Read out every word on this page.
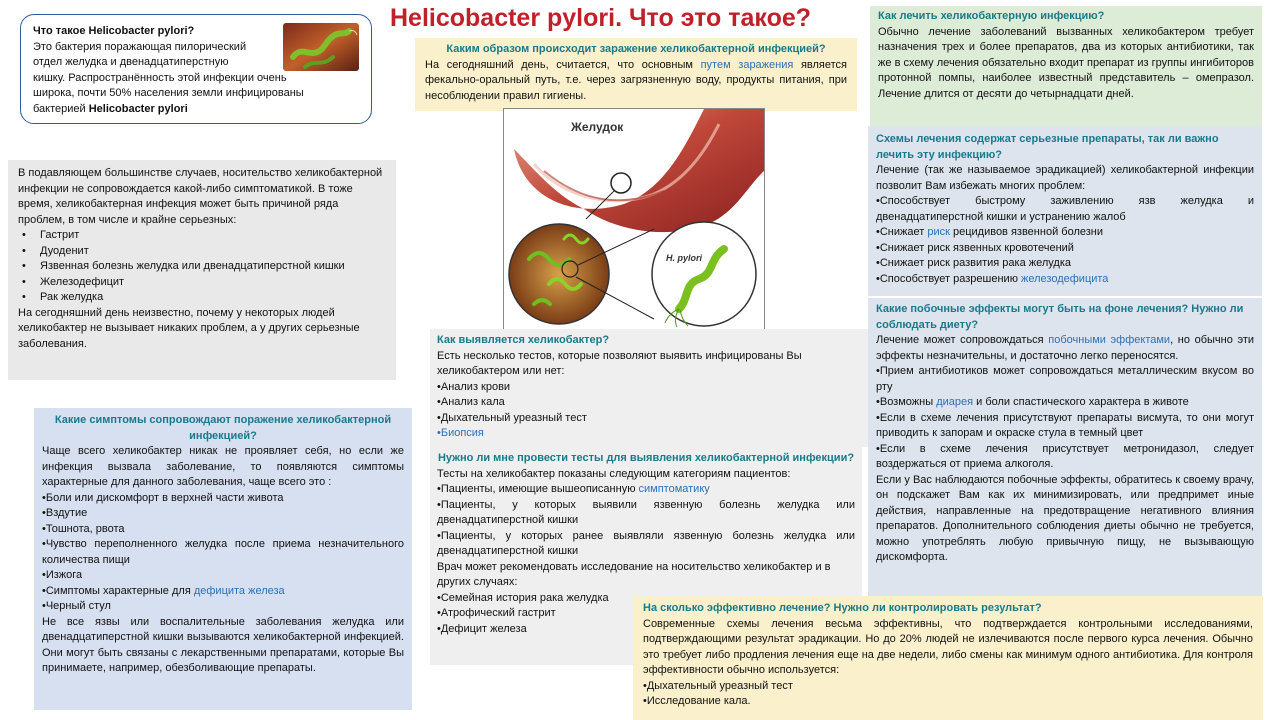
Helicobacter pylori. Что это такое?

Что такое Helicobacter pylori?

Это бактерия поражающая пилорический

отдел желудка и двенадцатиперстную

кишку. Распространённость этой инфекции очень

широка, почти 50% населения земли инфицированы

бактерией Helicobacter pylori

Каким образом происходит заражение хеликобактерной инфекцией?

На сегодняшний день, считается, что основным путем заражения является фекально-оральный путь, т.е. через загрязненную воду, продукты питания, при несоблюдении правил гигиены.

Желудок
H. pylori

В подавляющем большинстве случаев, носительство хеликобактерной инфекции не сопровождается какой-либо симптоматикой. В тоже время, хеликобактерная инфекция может быть причиной ряда проблем, в том числе и крайне серьезных:

• Гастрит
• Дуоденит
• Язвенная болезнь желудка или двенадцатиперстной кишки
• Железодефицит
• Рак желудка

На сегодняшний день неизвестно, почему у некоторых людей хеликобактер не вызывает никаких проблем, а у других серьезные заболевания.

Какие симптомы сопровождают поражение хеликобактерной инфекцией?

Чаще всего хеликобактер никак не проявляет себя, но если же инфекция вызвала заболевание, то появляются симптомы характерные для данного заболевания, чаще всего это :

•Боли или дискомфорт в верхней части живота

•Вздутие

•Тошнота, рвота

•Чувство переполненного желудка после приема незначительного количества пищи

•Изжога

•Симптомы характерные для дефицита железа

•Черный стул

Не все язвы или воспалительные заболевания желудка или двенадцатиперстной кишки вызываются хеликобактерной инфекцией. Они могут быть связаны с лекарственными препаратами, которые Вы принимаете, например, обезболивающие препараты.

Как выявляется хеликобактер?

Есть несколько тестов, которые позволяют выявить инфицированы Вы хеликобактером или нет:

•Анализ крови

•Анализ кала

•Дыхательный уреазный тест

•Биопсия

Нужно ли мне провести тесты для выявления хеликобактерной инфекции?

Тесты на хеликобактер показаны следующим категориям пациентов:

•Пациенты, имеющие вышеописанную симптоматику

•Пациенты, у которых выявили язвенную болезнь желудка или двенадцатиперстной кишки

•Пациенты, у которых ранее выявляли язвенную болезнь желудка или двенадцатиперстной кишки

Врач может рекомендовать исследование на носительство хеликобактер и в других случаях:

•Семейная история рака желудка

•Атрофический гастрит

•Дефицит железа

Как лечить хеликобактерную инфекцию?

Обычно лечение заболеваний вызванных хеликобактером требует назначения трех и более препаратов, два из которых антибиотики, так же в схему лечения обязательно входит препарат из группы ингибиторов протонной помпы, наиболее известный представитель – омепразол. Лечение длится от десяти до четырнадцати дней.

Схемы лечения содержат серьезные препараты, так ли важно лечить эту инфекцию?

Лечение (так же называемое эрадикацией) хеликобактерной инфекции позволит Вам избежать многих проблем:

•Способствует быстрому заживлению язв желудка и двенадцатиперстной кишки и устранению жалоб

•Снижает риск рецидивов язвенной болезни

•Снижает риск язвенных кровотечений

•Снижает риск развития рака желудка

•Способствует разрешению железодефицита

Какие побочные эффекты могут быть на фоне лечения? Нужно ли соблюдать диету?

Лечение может сопровождаться побочными эффектами, но обычно эти эффекты незначительны, и достаточно легко переносятся.

•Прием антибиотиков может сопровождаться металлическим вкусом во рту

•Возможны диарея и боли спастического характера в животе

•Если в схеме лечения присутствуют препараты висмута, то они могут приводить к запорам и окраске стула в темный цвет

•Если в схеме лечения присутствует метронидазол, следует воздержаться от приема алкоголя.

Если у Вас наблюдаются побочные эффекты, обратитесь к своему врачу, он подскажет Вам как их минимизировать, или предпримет иные действия, направленные на предотвращение негативного влияния препаратов. Дополнительного соблюдения диеты обычно не требуется, можно употреблять любую привычную пищу, не вызывающую дискомфорта.

На сколько эффективно лечение? Нужно ли контролировать результат?

Современные схемы лечения весьма эффективны, что подтверждается контрольными исследованиями, подтверждающими результат эрадикации. Но до 20% людей не излечиваются после первого курса лечения. Обычно это требует либо продления лечения еще на две недели, либо смены как минимум одного антибиотика. Для контроля эффективности обычно используется:

•Дыхательный уреазный тест

•Исследование кала.
